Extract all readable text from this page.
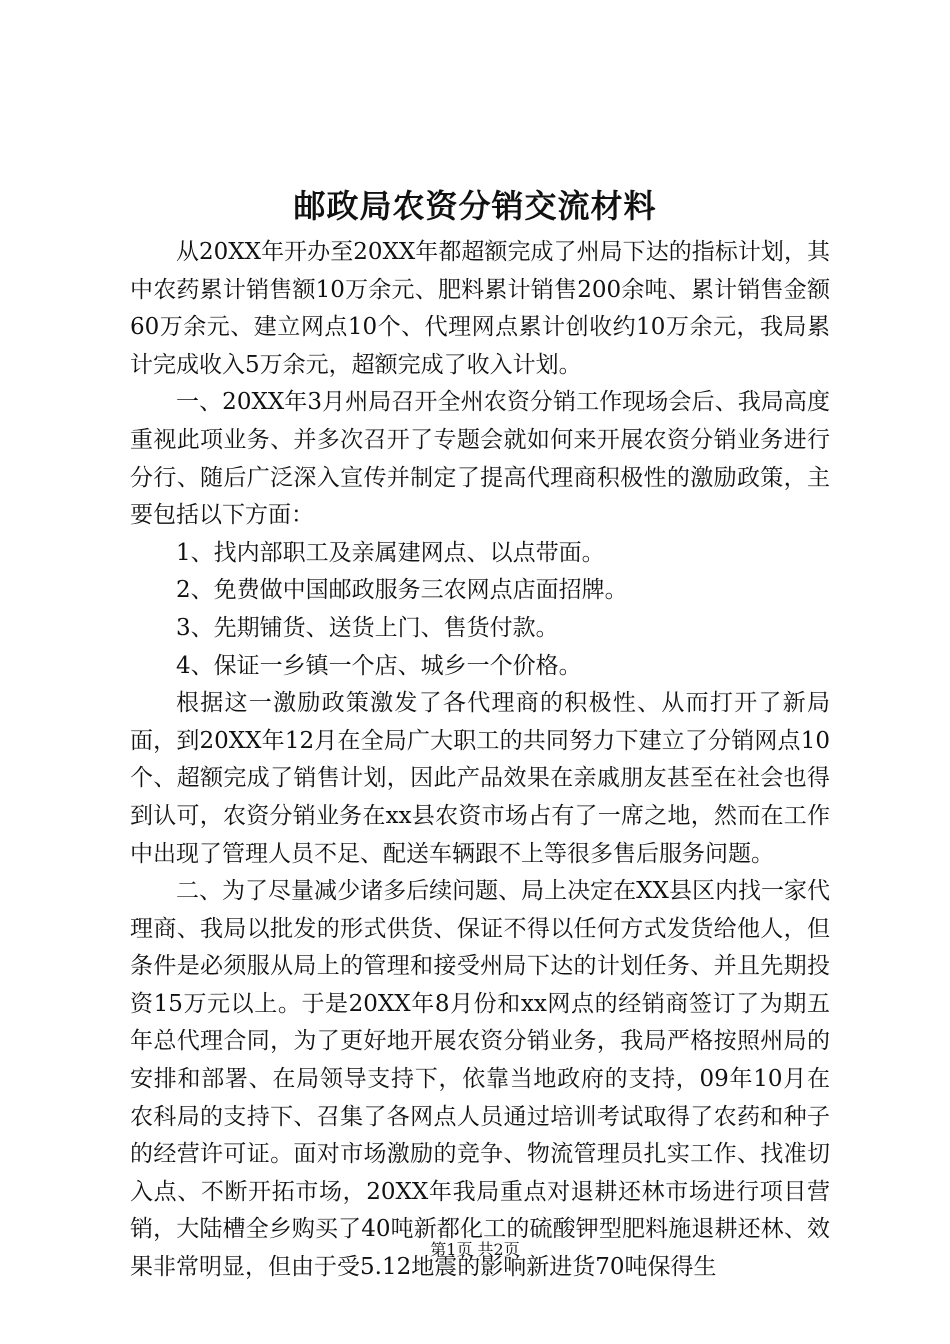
邮政局农资分销交流材料

从20XX年开办至20XX年都超额完成了州局下达的指标计划，其中农药累计销售额10万余元、肥料累计销售200余吨、累计销售金额60万余元、建立网点10个、代理网点累计创收约10万余元，我局累计完成收入5万余元，超额完成了收入计划。

一、20XX年3月州局召开全州农资分销工作现场会后、我局高度重视此项业务、并多次召开了专题会就如何来开展农资分销业务进行分行、随后广泛深入宣传并制定了提高代理商积极性的激励政策，主要包括以下方面：

1、找内部职工及亲属建网点、以点带面。

2、免费做中国邮政服务三农网点店面招牌。

3、先期铺货、送货上门、售货付款。

4、保证一乡镇一个店、城乡一个价格。

根据这一激励政策激发了各代理商的积极性、从而打开了新局面，到20XX年12月在全局广大职工的共同努力下建立了分销网点10个、超额完成了销售计划，因此产品效果在亲戚朋友甚至在社会也得到认可，农资分销业务在xx县农资市场占有了一席之地，然而在工作中出现了管理人员不足、配送车辆跟不上等很多售后服务问题。

二、为了尽量减少诸多后续问题、局上决定在XX县区内找一家代理商、我局以批发的形式供货、保证不得以任何方式发货给他人，但条件是必须服从局上的管理和接受州局下达的计划任务、并且先期投资15万元以上。于是20XX年8月份和xx网点的经销商签订了为期五年总代理合同，为了更好地开展农资分销业务，我局严格按照州局的安排和部署、在局领导支持下，依靠当地政府的支持，09年10月在农科局的支持下、召集了各网点人员通过培训考试取得了农药和种子的经营许可证。面对市场激励的竞争、物流管理员扎实工作、找准切入点、不断开拓市场，20XX年我局重点对退耕还林市场进行项目营销，大陆槽全乡购买了40吨新都化工的硫酸钾型肥料施退耕还林、效果非常明显，但由于受5.12地震的影响新进货70吨保得生

第1页 共2页
